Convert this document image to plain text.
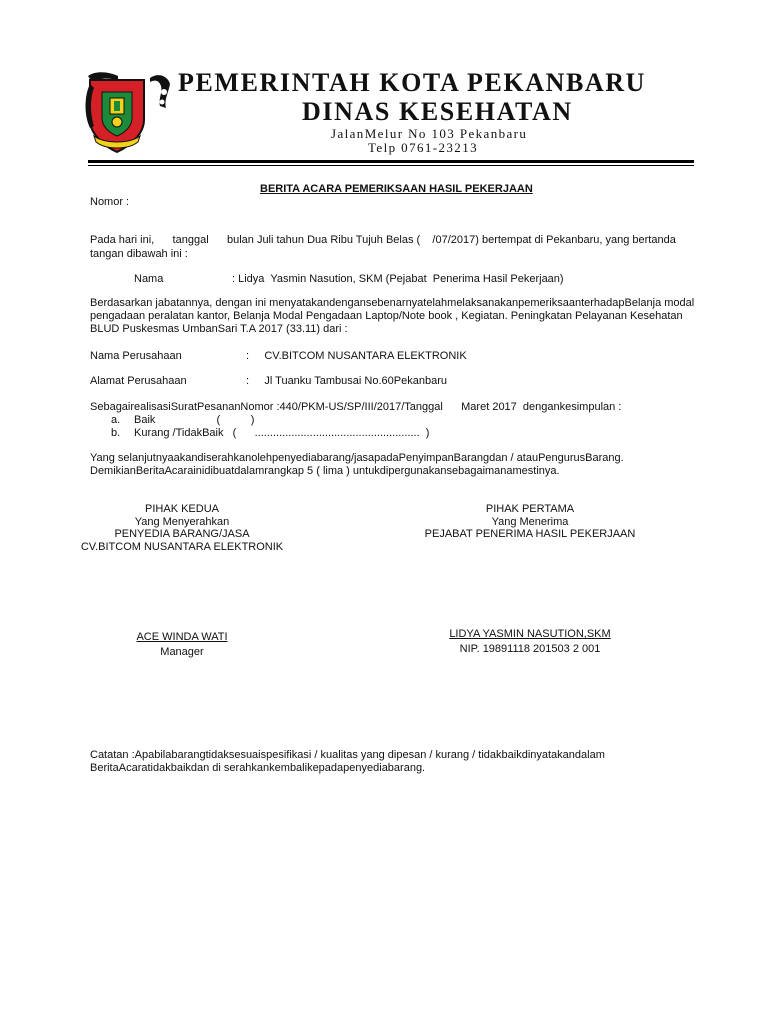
PEMERINTAH KOTA PEKANBARU
DINAS KESEHATAN
JalanMelur No 103 Pekanbaru
Telp 0761-23213
BERITA ACARA PEMERIKSAAN HASIL PEKERJAAN
Nomor :
Pada hari ini,      tanggal      bulan Juli tahun Dua Ribu Tujuh Belas (    /07/2017) bertempat di Pekanbaru, yang bertanda
tangan dibawah ini :
Nama	: Lidya  Yasmin Nasution, SKM (Pejabat  Penerima Hasil Pekerjaan)
Berdasarkan jabatannya, dengan ini menyatakandengansebenarnyatelahmelaksanakanpemeriksaanterhadapBelanja modal
pengadaan peralatan kantor, Belanja Modal Pengadaan Laptop/Note book , Kegiatan. Peningkatan Pelayanan Kesehatan
BLUD Puskesmas UmbanSari T.A 2017 (33.11) dari :
Nama Perusahaan	:     CV.BITCOM NUSANTARA ELEKTRONIK
Alamat Perusahaan	:     Jl Tuanku Tambusai No.60Pekanbaru
SebagairealisasiSuratPesananNomor :440/PKM-US/SP/III/2017/Tanggal      Maret 2017  dengankesimpulan :
a. Baik                    (          )
b. Kurang /TidakBaik   (      ......................................................  )
Yang selanjutnyaakandiserahkanolehpenyediabarang/jasapadaPenyimpanBarangdan / atauPengurusBarang.
DemikianBeritaAcarainidibuatdalamrangkap 5 ( lima ) untukdipergunakansebagaimanamestinya.
PIHAK KEDUA
Yang Menyerahkan
PENYEDIA BARANG/JASA
CV.BITCOM NUSANTARA ELEKTRONIK
ACE WINDA WATI
Manager
PIHAK PERTAMA
Yang Menerima
PEJABAT PENERIMA HASIL PEKERJAAN
LIDYA YASMIN NASUTION,SKM
NIP. 19891118 201503 2 001
Catatan :Apabilabarangtidaksesuaispesifikasi / kualitas yang dipesan / kurang / tidakbaikdinyatakandalam
BeritaAcaratidakbaikdan di serahkankembalikepadapenyediabarang.
